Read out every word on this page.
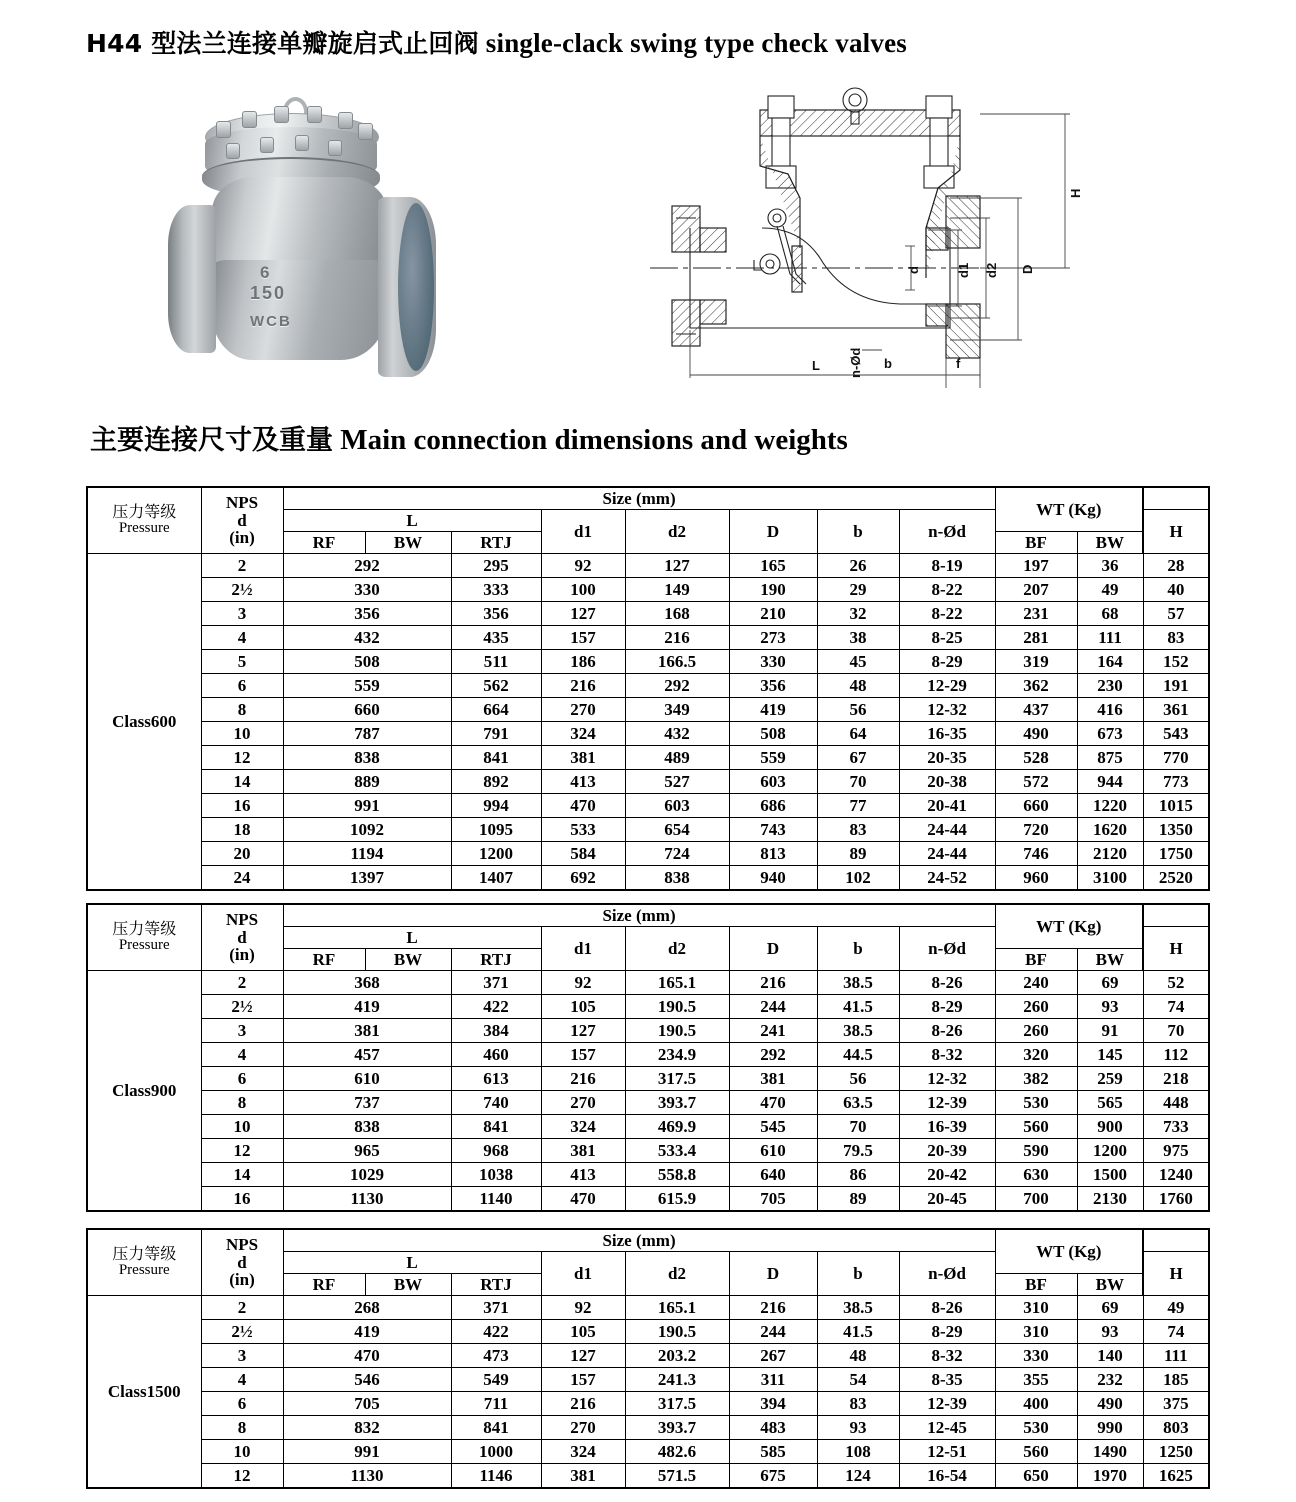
H44 型法兰连接单瓣旋启式止回阀 single-clack swing type check valves
6
150
WCB
H
D
d2
d1
d
b	f
n-Ød
L
主要连接尺寸及重量 Main connection dimensions and weights
压力等级
Pressure	NPS
d
(in)	Size (mm)								WT (Kg)		
		L			d1	d2	D	b	n-Ød			H
		RF	BW	RTJ						BF	BW	
Class600	2	292		295	92	127	165	26	8-19	197	36	28
	2½	330		333	100	149	190	29	8-22	207	49	40
	3	356		356	127	168	210	32	8-22	231	68	57
	4	432		435	157	216	273	38	8-25	281	111	83
	5	508		511	186	166.5	330	45	8-29	319	164	152
	6	559		562	216	292	356	48	12-29	362	230	191
	8	660		664	270	349	419	56	12-32	437	416	361
	10	787		791	324	432	508	64	16-35	490	673	543
	12	838		841	381	489	559	67	20-35	528	875	770
	14	889		892	413	527	603	70	20-38	572	944	773
	16	991		994	470	603	686	77	20-41	660	1220	1015
	18	1092		1095	533	654	743	83	24-44	720	1620	1350
	20	1194		1200	584	724	813	89	24-44	746	2120	1750
	24	1397		1407	692	838	940	102	24-52	960	3100	2520
压力等级
Pressure	NPS
d
(in)	Size (mm)								WT (Kg)		
		L			d1	d2	D	b	n-Ød			H
		RF	BW	RTJ						BF	BW	
Class900	2	368		371	92	165.1	216	38.5	8-26	240	69	52
	2½	419		422	105	190.5	244	41.5	8-29	260	93	74
	3	381		384	127	190.5	241	38.5	8-26	260	91	70
	4	457		460	157	234.9	292	44.5	8-32	320	145	112
	6	610		613	216	317.5	381	56	12-32	382	259	218
	8	737		740	270	393.7	470	63.5	12-39	530	565	448
	10	838		841	324	469.9	545	70	16-39	560	900	733
	12	965		968	381	533.4	610	79.5	20-39	590	1200	975
	14	1029		1038	413	558.8	640	86	20-42	630	1500	1240
	16	1130		1140	470	615.9	705	89	20-45	700	2130	1760
压力等级
Pressure	NPS
d
(in)	Size (mm)								WT (Kg)		
		L			d1	d2	D	b	n-Ød			H
		RF	BW	RTJ						BF	BW	
Class1500	2	268		371	92	165.1	216	38.5	8-26	310	69	49
	2½	419		422	105	190.5	244	41.5	8-29	310	93	74
	3	470		473	127	203.2	267	48	8-32	330	140	111
	4	546		549	157	241.3	311	54	8-35	355	232	185
	6	705		711	216	317.5	394	83	12-39	400	490	375
	8	832		841	270	393.7	483	93	12-45	530	990	803
	10	991		1000	324	482.6	585	108	12-51	560	1490	1250
	12	1130		1146	381	571.5	675	124	16-54	650	1970	1625
